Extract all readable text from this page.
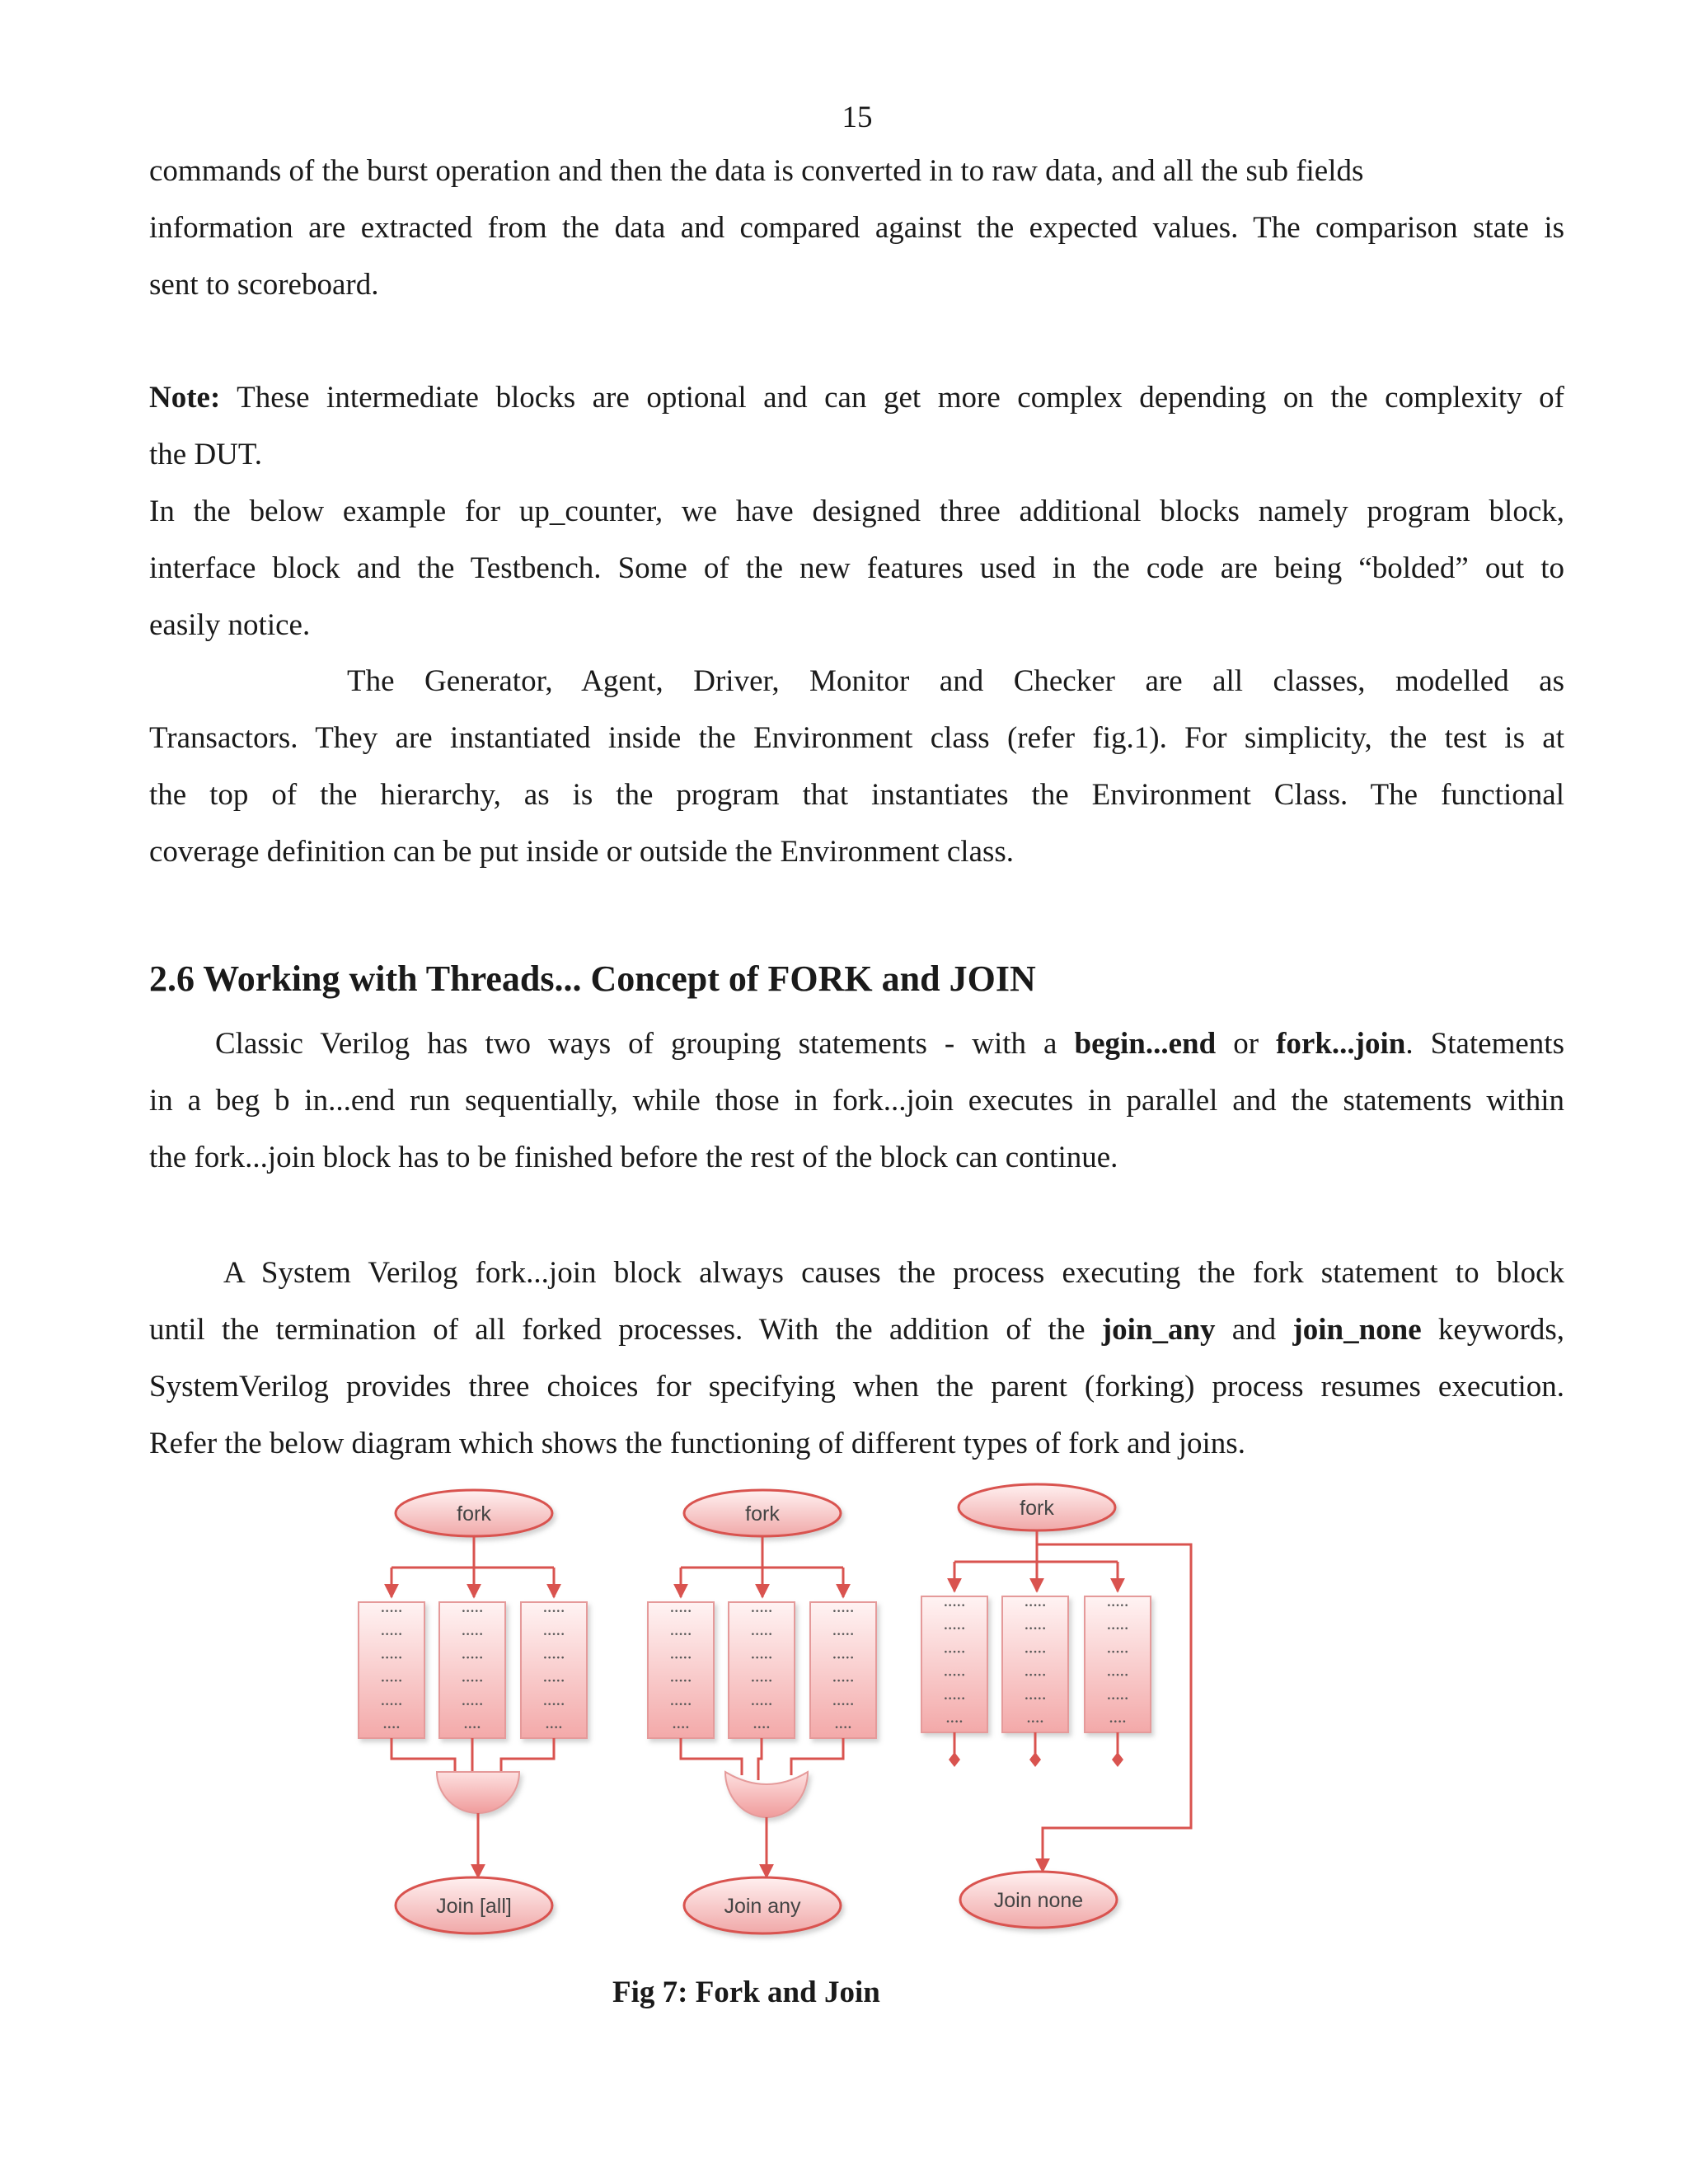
15
commands of the burst operation and then the data is converted in to raw data, and all the sub fields
information are extracted from the data and compared against the expected values. The comparison state is
sent to scoreboard.
Note: These intermediate blocks are optional and can get more complex depending on the complexity of
the DUT.
In the below example for up_counter, we have designed three additional blocks namely program block,
interface block and the Testbench. Some of the new features used in the code are being “bolded” out to
easily notice.
The Generator, Agent, Driver, Monitor and Checker are all classes, modelled as
Transactors. They are instantiated inside the Environment class (refer fig.1). For simplicity, the test is at
the top of the hierarchy, as is the program that instantiates the Environment Class. The functional
coverage definition can be put inside or outside the Environment class.
2.6 Working with Threads... Concept of FORK and JOIN
Classic Verilog has two ways of grouping statements - with a begin...end or fork...join. Statements
in a beg b in...end run sequentially, while those in fork...join executes in parallel and the statements within
the fork...join block has to be finished before the rest of the block can continue.
A System Verilog fork...join block always causes the process executing the fork statement to block
until the termination of all forked processes. With the addition of the join_any and join_none keywords,
SystemVerilog provides three choices for specifying when the parent (forking) process resumes execution.
Refer the below diagram which shows the functioning of different types of fork and joins.
fork
•••••
•••••
•••••
•••••
•••••
••••
•••••
•••••
•••••
•••••
•••••
••••
•••••
•••••
•••••
•••••
•••••
••••
Join [all]
fork
•••••
•••••
•••••
•••••
•••••
••••
•••••
•••••
•••••
•••••
•••••
••••
•••••
•••••
•••••
•••••
•••••
••••
Join any
fork
•••••
•••••
•••••
•••••
•••••
••••
•••••
•••••
•••••
•••••
•••••
••••
•••••
•••••
•••••
•••••
•••••
••••
Join none
Fig 7: Fork and Join
